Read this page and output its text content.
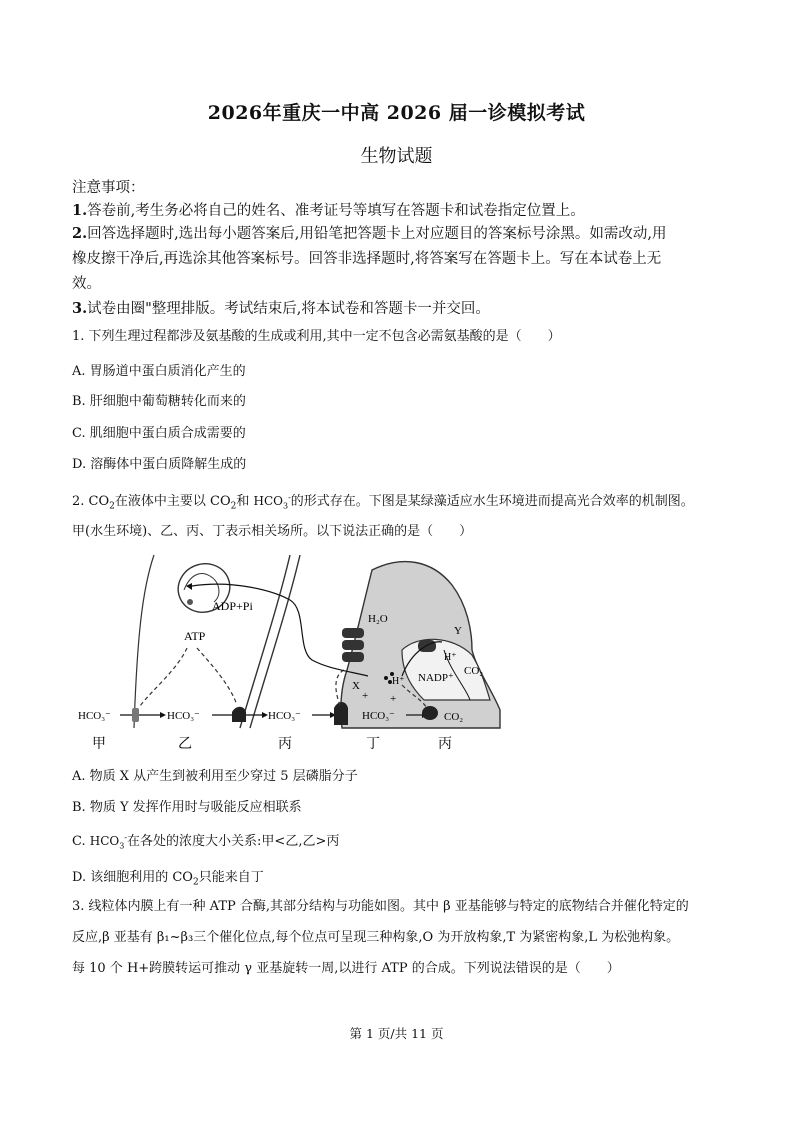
2026年重庆一中高 2026 届一诊模拟考试
生物试题
注意事项：
1.答卷前,考生务必将自己的姓名、准考证号等填写在答题卡和试卷指定位置上。
2.回答选择题时,选出每小题答案后,用铅笔把答题卡上对应题目的答案标号涂黑。如需改动,用
橡皮擦干净后,再选涂其他答案标号。回答非选择题时,将答案写在答题卡上。写在本试卷上无
效。
3.试卷由圈"整理排版。考试结束后,将本试卷和答题卡一并交回。
1. 下列生理过程都涉及氨基酸的生成或利用,其中一定不包含必需氨基酸的是（　　）
A. 胃肠道中蛋白质消化产生的
B. 肝细胞中葡萄糖转化而来的
C. 肌细胞中蛋白质合成需要的
D. 溶酶体中蛋白质降解生成的
2. $CO_2$在液体中主要以 $CO_2$和 $HCO_3^-$的形式存在。下图是某绿藻适应水生环境进而提高光合效率的机制图。
甲(水生环境)、乙、丙、丁表示相关场所。以下说法正确的是（　　）
ADP+Pi
ATP
H₂O
X
Y
H⁺
H⁺ NADP⁺
CO₂
CO₂
+ +
HCO₃⁻	HCO₃⁻	HCO₃⁻	HCO₃⁻
甲	乙	丙	丁	丙
A. 物质 X 从产生到被利用至少穿过 5 层磷脂分子
B. 物质 Y 发挥作用时与吸能反应相联系
C. $HCO_3^-$在各处的浓度大小关系:甲<乙,乙>丙
D. 该细胞利用的 $CO_2$只能来自丁
3. 线粒体内膜上有一种 ATP 合酶,其部分结构与功能如图。其中 β 亚基能够与特定的底物结合并催化特定的
反应,β 亚基有 β₁~β₃三个催化位点,每个位点可呈现三种构象,O 为开放构象,T 为紧密构象,L 为松弛构象。
每 10 个 H+跨膜转运可推动 γ 亚基旋转一周,以进行 ATP 的合成。下列说法错误的是（　　）
第 1 页/共 11 页
